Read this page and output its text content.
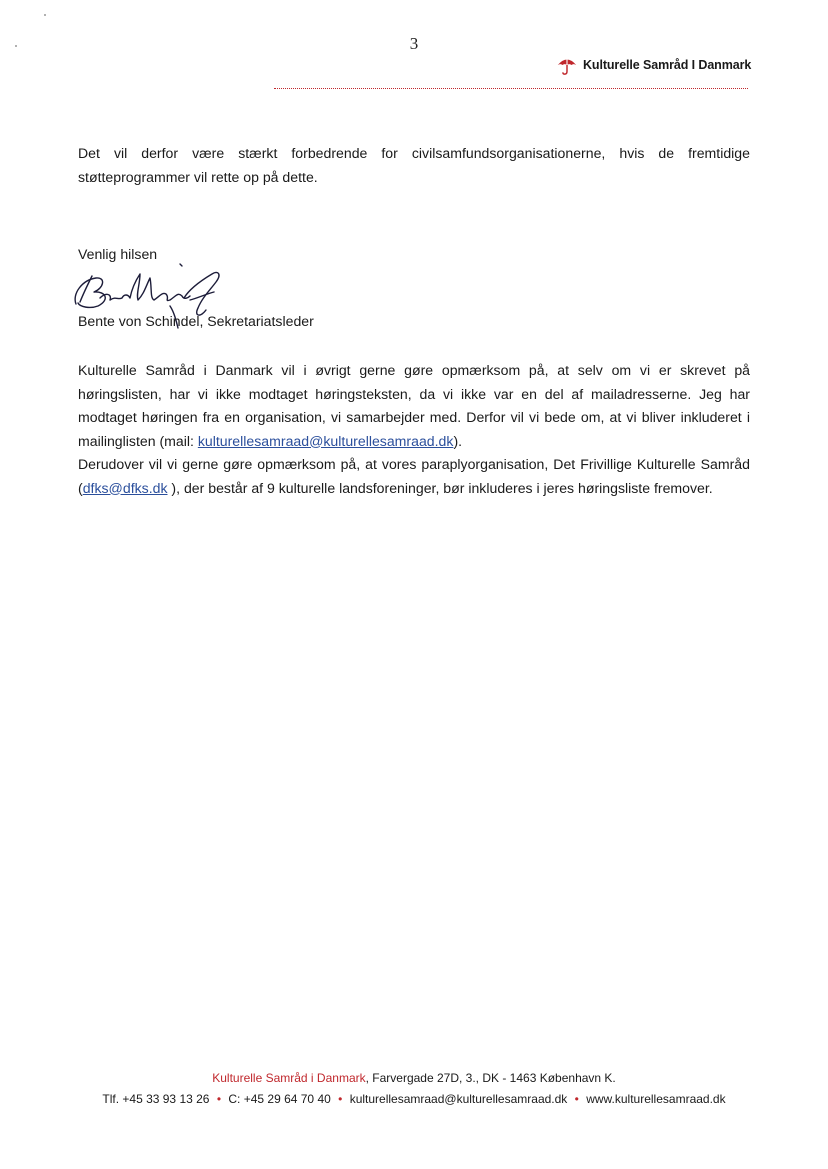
3
Kulturelle Samråd I Danmark

Det vil derfor være stærkt forbedrende for civilsamfundsorganisationerne, hvis de fremtidige støtteprogrammer vil rette op på dette.

Venlig hilsen
Bente von Schindel, Sekretariatsleder
Kulturelle Samråd i Danmark vil i øvrigt gerne gøre opmærksom på, at selv om vi er skrevet på høringslisten, har vi ikke modtaget høringsteksten, da vi ikke var en del af mailadresserne. Jeg har modtaget høringen fra en organisation, vi samarbejder med. Derfor vil vi bede om, at vi bliver inkluderet i mailinglisten (mail: kulturellesamraad@kulturellesamraad.dk).
Derudover vil vi gerne gøre opmærksom på, at vores paraplyorganisation, Det Frivillige Kulturelle Samråd (dfks@dfks.dk ), der består af 9 kulturelle landsforeninger, bør inkluderes i jeres høringsliste fremover.
Kulturelle Samråd i Danmark, Farvergade 27D, 3., DK - 1463 København K.
Tlf. +45 33 93 13 26 • C: +45 29 64 70 40 • kulturellesamraad@kulturellesamraad.dk • www.kulturellesamraad.dk
